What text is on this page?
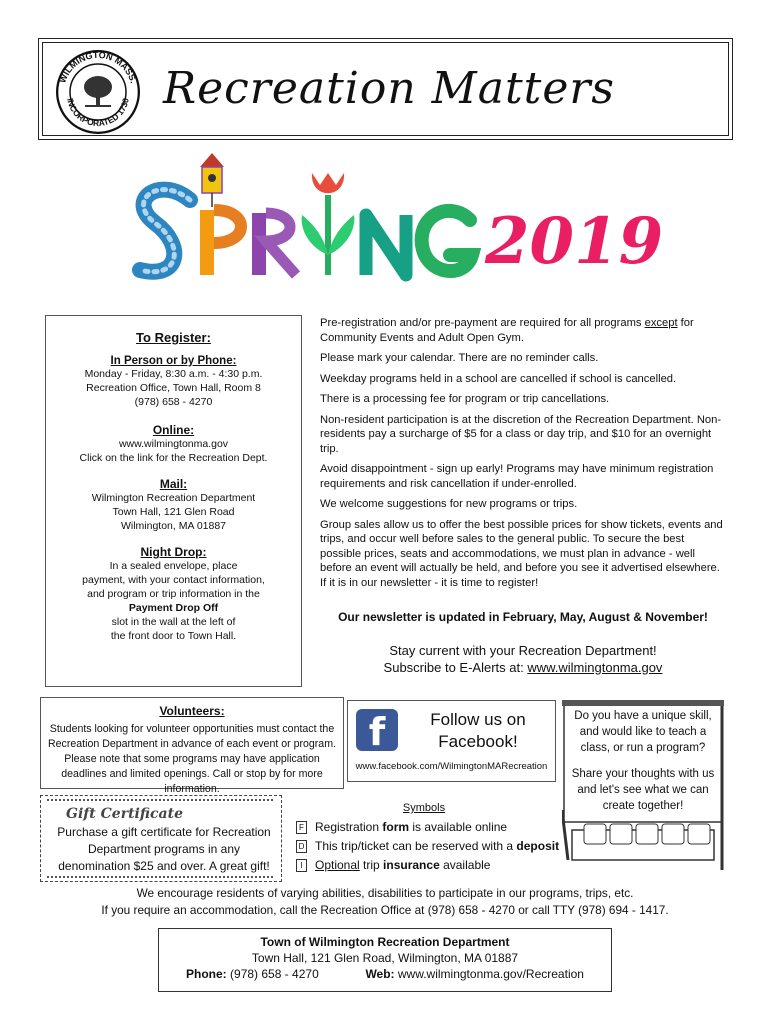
WILMINGTON MASS.
INCORPORATED 1730 Recreation Matters
2019
To Register:
In Person or by Phone:
Monday - Friday, 8:30 a.m. - 4:30 p.m.
Recreation Office, Town Hall, Room 8
(978) 658 - 4270
Online:
www.wilmingtonma.gov
Click on the link for the Recreation Dept.
Mail:
Wilmington Recreation Department
Town Hall, 121 Glen Road
Wilmington, MA 01887
Night Drop:
In a sealed envelope, place
payment, with your contact information,
and program or trip information in the
Payment Drop Off
slot in the wall at the left of
the front door to Town Hall.

Pre-registration and/or pre-payment are required for all programs except for Community Events and Adult Open Gym.

Please mark your calendar. There are no reminder calls.

Weekday programs held in a school are cancelled if school is cancelled.

There is a processing fee for program or trip cancellations.

Non-resident participation is at the discretion of the Recreation Department. Non-residents pay a surcharge of $5 for a class or day trip, and $10 for an overnight trip.

Avoid disappointment - sign up early! Programs may have minimum registration requirements and risk cancellation if under-enrolled.

We welcome suggestions for new programs or trips.

Group sales allow us to offer the best possible prices for show tickets, events and trips, and occur well before sales to the general public. To secure the best possible prices, seats and accommodations, we must plan in advance - well before an event will actually be held, and before you see it advertised elsewhere. If it is in our newsletter - it is time to register!

Our newsletter is updated in February, May, August & November!
Stay current with your Recreation Department!
Subscribe to E-Alerts at: www.wilmingtonma.gov
Volunteers:
Students looking for volunteer opportunities must contact the Recreation Department in advance of each event or program. Please note that some programs may have application deadlines and limited openings. Call or stop by for more information.
f	Follow us on
Facebook!
www.facebook.com/WilmingtonMARecreation
Do you have a unique skill, and would like to teach a class, or run a program?
Share your thoughts with us and let's see what we can create together!
Gift Certificate
Purchase a gift certificate for Recreation Department programs in any denomination $25 and over. A great gift!
Symbols
F Registration form is available online
D This trip/ticket can be reserved with a deposit
I Optional trip insurance available
We encourage residents of varying abilities, disabilities to participate in our programs, trips, etc.
If you require an accommodation, call the Recreation Office at (978) 658 - 4270 or call TTY (978) 694 - 1417.
Town of Wilmington Recreation Department
Town Hall, 121 Glen Road, Wilmington, MA 01887
Phone: (978) 658 - 4270	Web: www.wilmingtonma.gov/Recreation
